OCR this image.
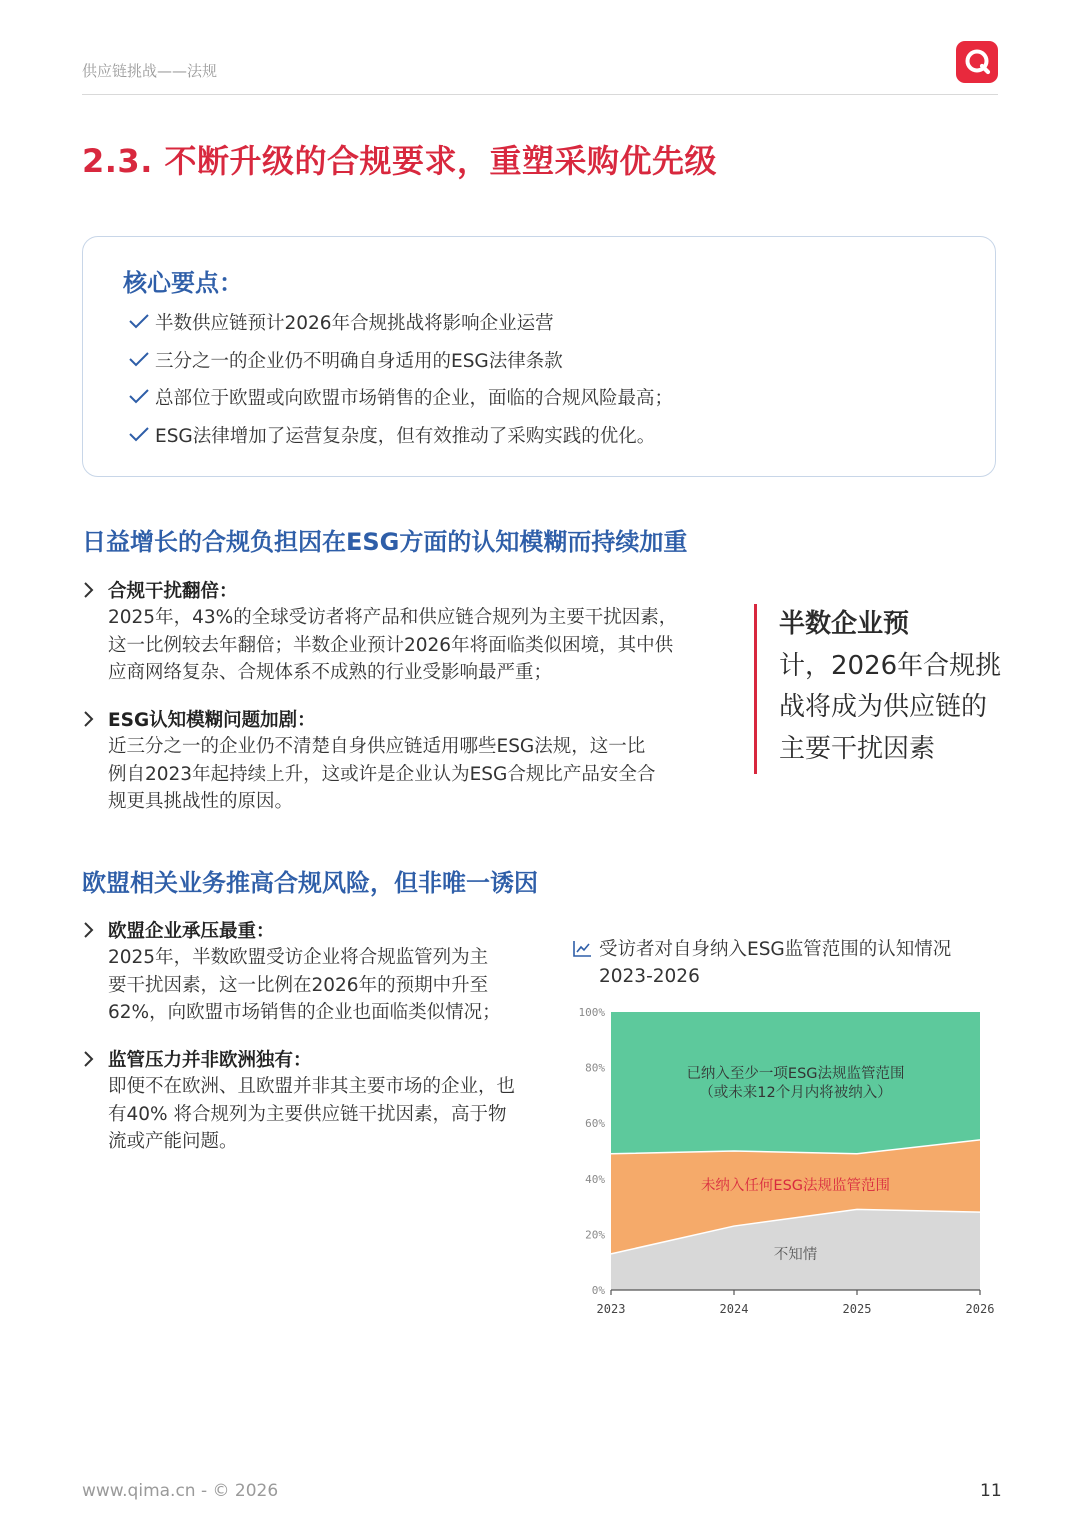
供应链挑战——法规
2.3. 不断升级的合规要求，重塑采购优先级
核心要点：
半数供应链预计2026年合规挑战将影响企业运营
三分之一的企业仍不明确自身适用的ESG法律条款
总部位于欧盟或向欧盟市场销售的企业，面临的合规风险最高；
ESG法律增加了运营复杂度，但有效推动了采购实践的优化。
日益增长的合规负担因在ESG方面的认知模糊而持续加重
合规干扰翻倍：
2025年，43%的全球受访者将产品和供应链合规列为主要干扰因素，
这一比例较去年翻倍；半数企业预计2026年将面临类似困境，其中供
应商网络复杂、合规体系不成熟的行业受影响最严重；
ESG认知模糊问题加剧：
近三分之一的企业仍不清楚自身供应链适用哪些ESG法规，这一比
例自2023年起持续上升，这或许是企业认为ESG合规比产品安全合
规更具挑战性的原因。
半数企业预
计，2026年合规挑
战将成为供应链的
主要干扰因素
欧盟相关业务推高合规风险，但非唯一诱因
欧盟企业承压最重：
2025年，半数欧盟受访企业将合规监管列为主
要干扰因素，这一比例在2026年的预期中升至
62%，向欧盟市场销售的企业也面临类似情况；
监管压力并非欧洲独有：
即便不在欧洲、且欧盟并非其主要市场的企业，也
有40% 将合规列为主要供应链干扰因素，高于物
流或产能问题。
受访者对自身纳入ESG监管范围的认知情况
2023-2026
不知情
未纳入任何ESG法规监管范围
已纳入至少一项ESG法规监管范围（或未来12个月内将被纳入）
0%
20%
40%
60%
80%
100%
2023	2024	2025	2026
www.qima.cn - © 2026	11
